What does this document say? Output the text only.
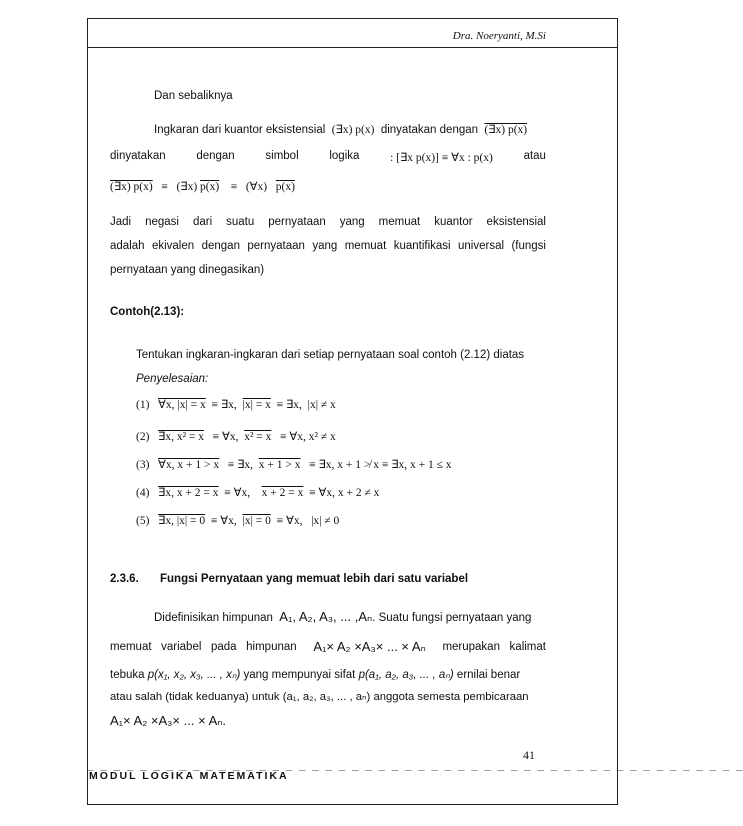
Dra. Noeryanti, M.Si
Dan sebaliknya
Ingkaran dari kuantor eksistensial (∃x) p(x) dinyatakan dengan (∃x) p(x)
dinyatakan	dengan	simbol	logika	: [∃x p(x)] ≡ ∀x : p(x)	atau
(∃x) p(x) ≡ (∃x) p(x) ≡ (∀x) p(x)
Jadi negasi dari suatu pernyataan yang memuat kuantor eksistensial
adalah ekivalen dengan pernyataan yang memuat kuantifikasi universal (fungsi
pernyataan yang dinegasikan)
Contoh(2.13):
Tentukan ingkaran-ingkaran dari setiap pernyataan soal contoh (2.12) diatas
Penyelesaian:
(1) ∀x, |x| = x ≡ ∃x, |x| = x ≡ ∃x, |x| ≠ x
(2) ∃x, x² = x ≡ ∀x, x² = x ≡ ∀x, x² ≠ x
(3) ∀x, x + 1 > x ≡ ∃x, x + 1 > x ≡ ∃x, x + 1 ≯ x ≡ ∃x, x + 1 ≤ x
(4) ∃x, x + 2 = x ≡ ∀x, x + 2 = x ≡ ∀x, x + 2 ≠ x
(5) ∃x, |x| = 0 ≡ ∀x, |x| = 0 ≡ ∀x, |x| ≠ 0
2.3.6. Fungsi Pernyataan yang memuat lebih dari satu variabel
Didefinisikan himpunan A₁, A₂, A₃, ... ,Aₙ. Suatu fungsi pernyataan yang
memuat   variabel   pada   himpunan A₁× A₂ ×A₃× ... × Aₙ merupakan   kalimat
tebuka p(x₁, x₂, x₃, ... , xₙ) yang mempunyai sifat p(a₁, a₂, a₃, ... , aₙ) ernilai benar
atau salah (tidak keduanya) untuk (a₁, a₂, a₃, ... , aₙ) anggota semesta pembicaraan
A₁× A₂ ×A₃× ... × Aₙ.
41
_ _ _ _ _ _ _ _ _ _ _ _ _ _ _ _ _ _ _ _ _ _ _ _ _ _ _ _ _ _ _ _ _ _ _ _ _ _ _ _ _ _ _ _ _ _ _ _ _ _
MODUL LOGIKA MATEMATIKA
